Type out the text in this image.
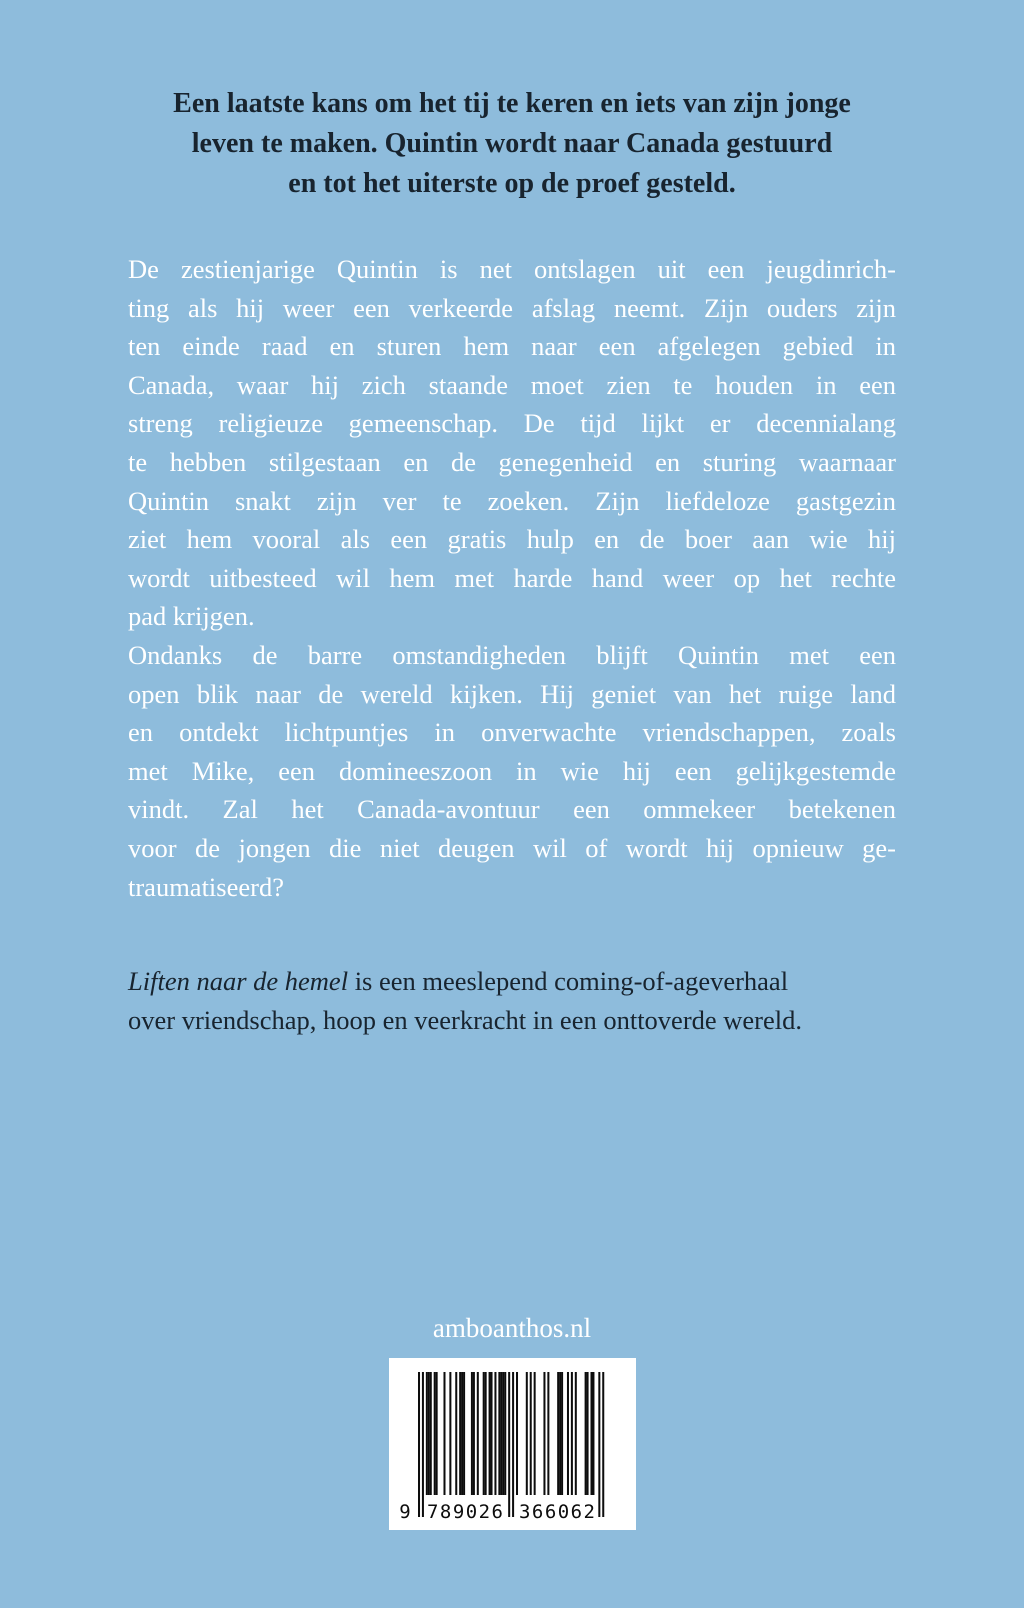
Een laatste kans om het tij te keren en iets van zijn jonge
leven te maken. Quintin wordt naar Canada gestuurd
en tot het uiterste op de proef gesteld.
De zestienjarige Quintin is net ontslagen uit een jeugdinrich-
ting als hij weer een verkeerde afslag neemt. Zijn ouders zijn
ten einde raad en sturen hem naar een afgelegen gebied in
Canada, waar hij zich staande moet zien te houden in een
streng religieuze gemeenschap. De tijd lijkt er decennialang
te hebben stilgestaan en de genegenheid en sturing waarnaar
Quintin snakt zijn ver te zoeken. Zijn liefdeloze gastgezin
ziet hem vooral als een gratis hulp en de boer aan wie hij
wordt uitbesteed wil hem met harde hand weer op het rechte
pad krijgen.
Ondanks de barre omstandigheden blijft Quintin met een
open blik naar de wereld kijken. Hij geniet van het ruige land
en ontdekt lichtpuntjes in onverwachte vriendschappen, zoals
met Mike, een domineeszoon in wie hij een gelijkgestemde
vindt. Zal het Canada-avontuur een ommekeer betekenen
voor de jongen die niet deugen wil of wordt hij opnieuw ge-
traumatiseerd?
Liften naar de hemel is een meeslepend coming-of-ageverhaal
over vriendschap, hoop en veerkracht in een onttoverde wereld.
amboanthos.nl
9 789026 366062
